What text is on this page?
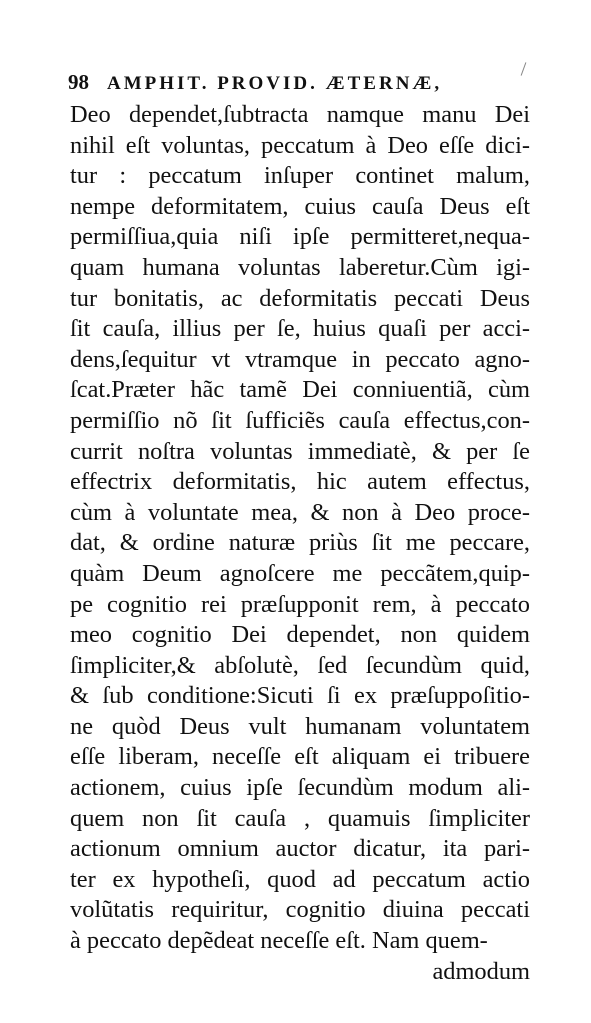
98 AMPHIT. PROVID. ÆTERNÆ,
Deo dependet,ſubtracta namque manu Dei
nihil eſt voluntas, peccatum à Deo eſſe dici-
tur : peccatum inſuper continet malum,
nempe deformitatem, cuius cauſa Deus eſt
permiſſiua,quia niſi ipſe permitteret,nequa-
quam humana voluntas laberetur.Cùm igi-
tur bonitatis, ac deformitatis peccati Deus
ſit cauſa, illius per ſe, huius quaſi per acci-
dens,ſequitur vt vtramque in peccato agno-
ſcat.Præter hãc tamẽ Dei conniuentiã, cùm
permiſſio nõ ſit ſufficiẽs cauſa effectus,con-
currit noſtra voluntas immediatè, & per ſe
effectrix deformitatis, hic autem effectus,
cùm à voluntate mea, & non à Deo proce-
dat, & ordine naturæ priùs ſit me peccare,
quàm Deum agnoſcere me peccãtem,quip-
pe cognitio rei præſupponit rem, à peccato
meo cognitio Dei dependet, non quidem
ſimpliciter,& abſolutè, ſed ſecundùm quid,
& ſub conditione:Sicuti ſi ex præſuppoſitio-
ne quòd Deus vult humanam voluntatem
eſſe liberam, neceſſe eſt aliquam ei tribuere
actionem, cuius ipſe ſecundùm modum ali-
quem non ſit cauſa , quamuis ſimpliciter
actionum omnium auctor dicatur, ita pari-
ter ex hypotheſi, quod ad peccatum actio
volũtatis requiritur, cognitio diuina peccati
à peccato depẽdeat neceſſe eſt. Nam quem-
admodum
